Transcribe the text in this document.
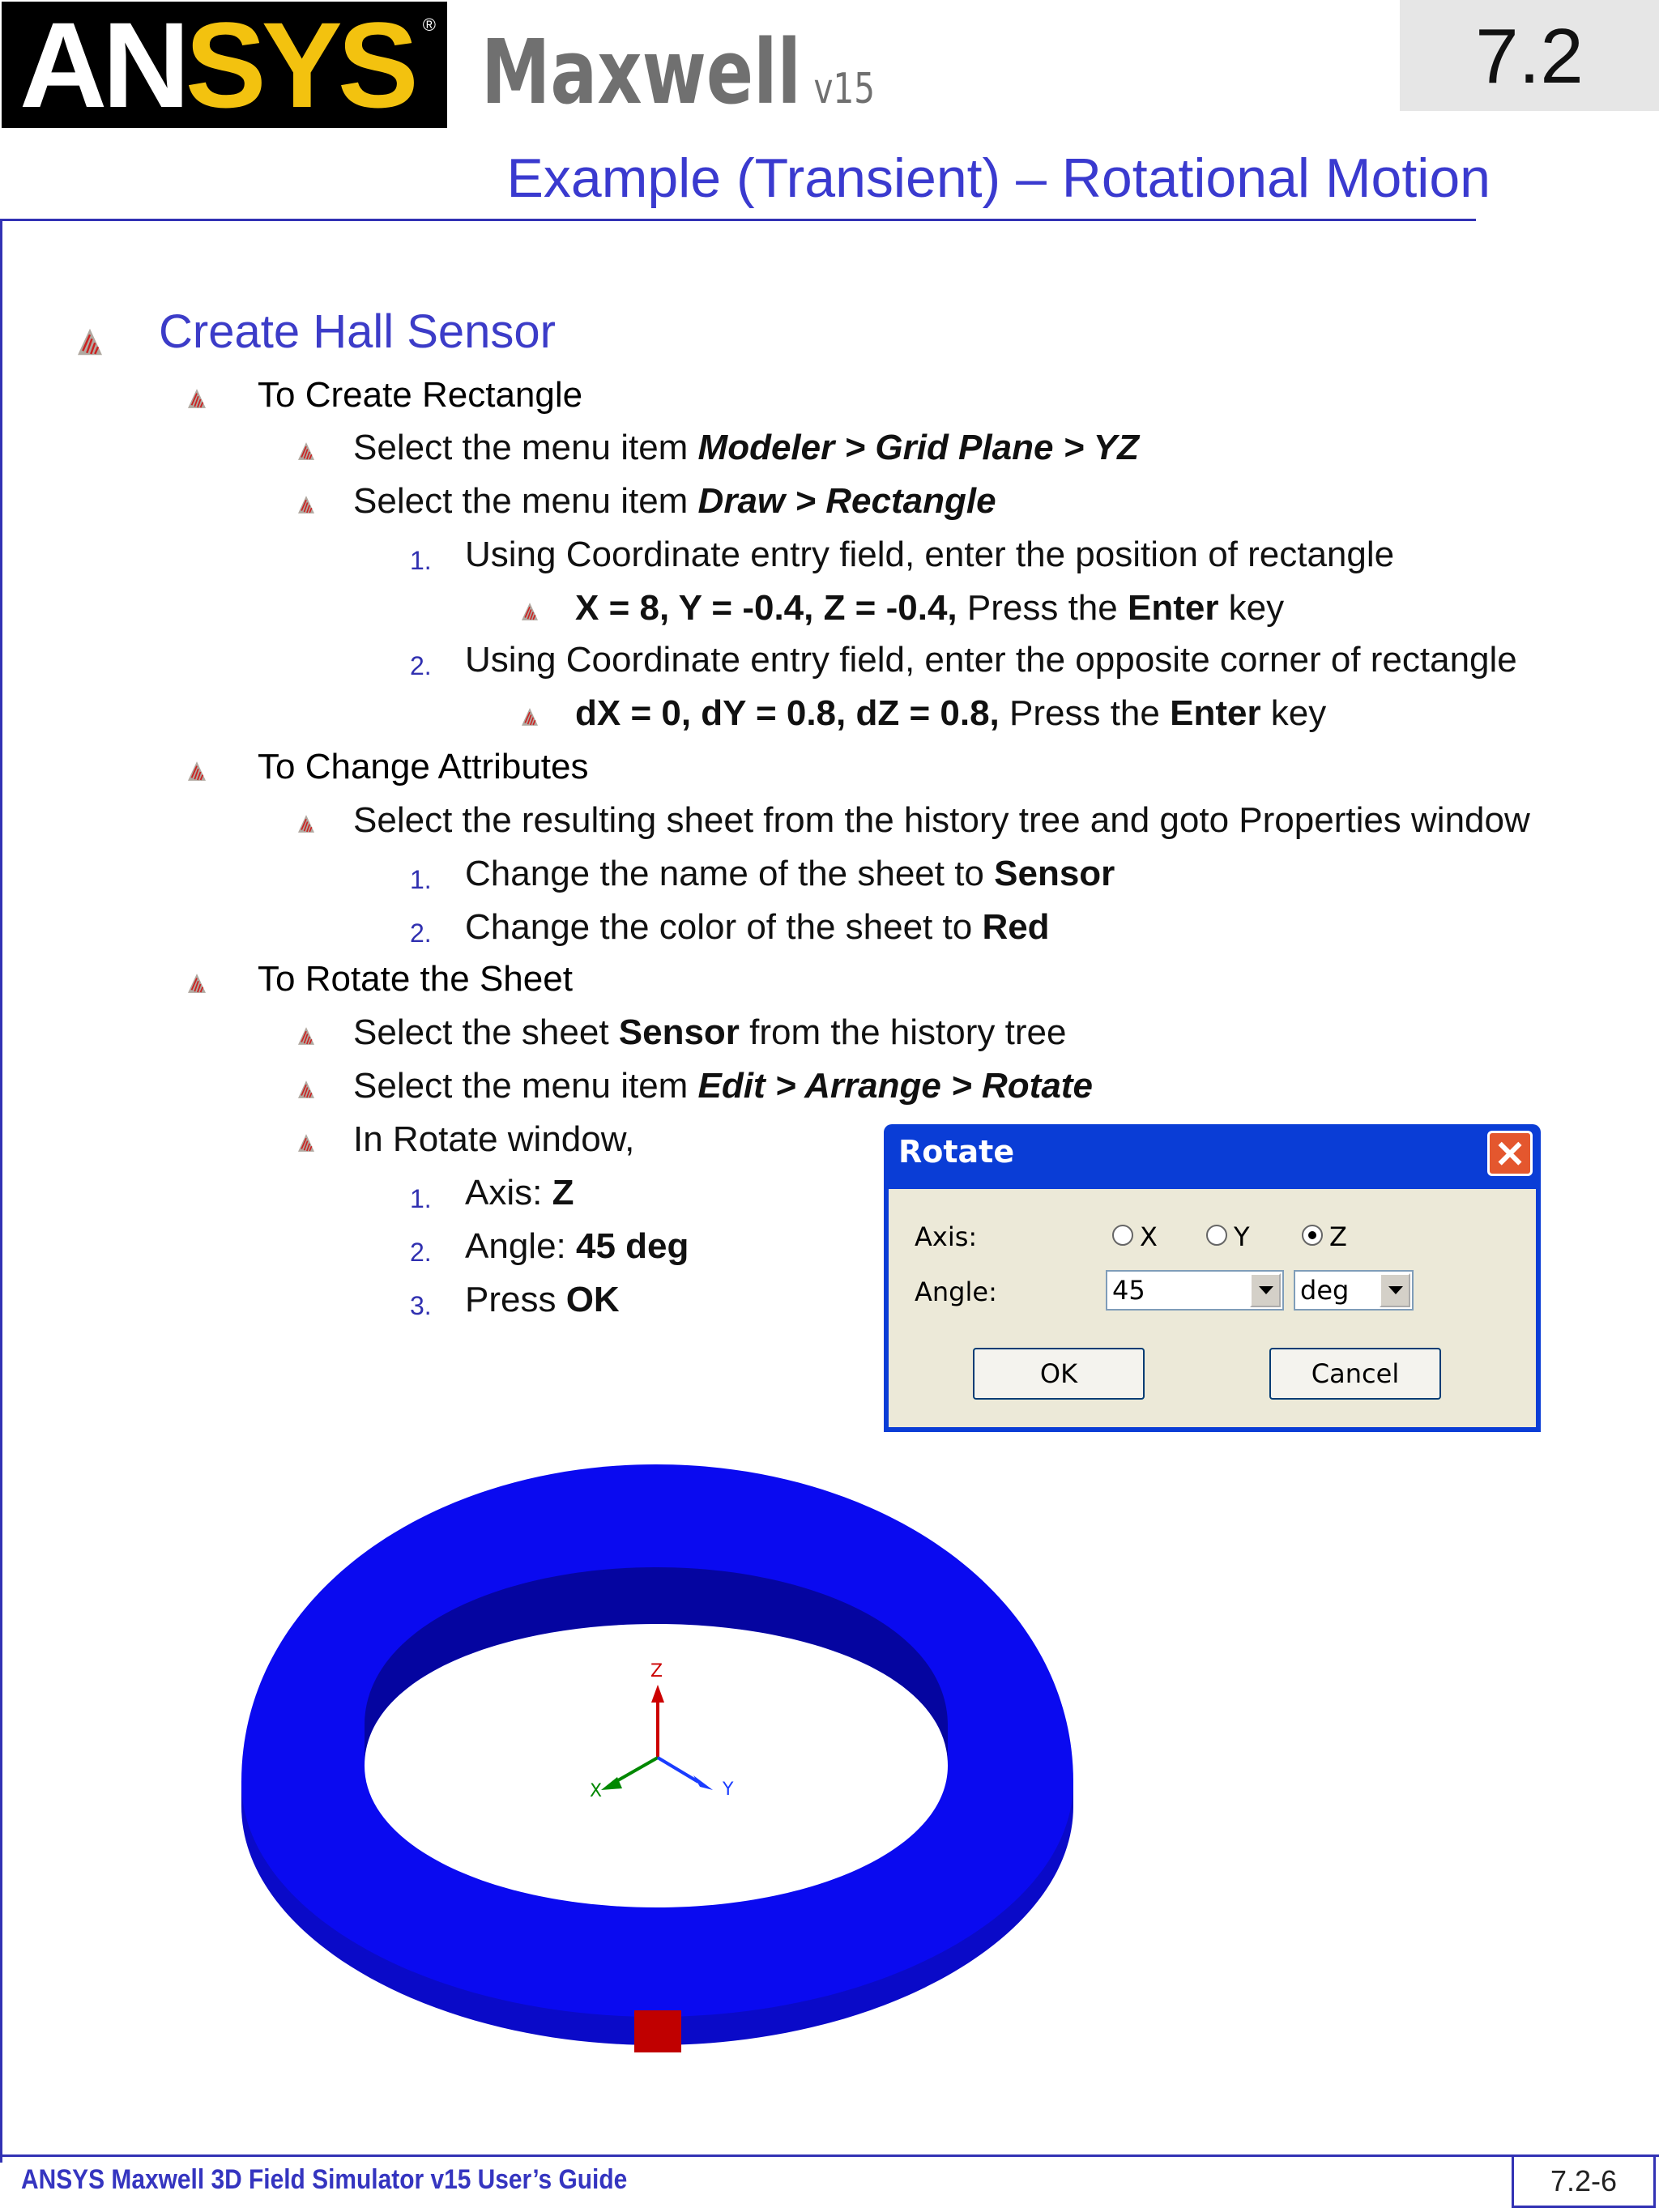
ANSYS ® Maxwell v15	7.2
Example (Transient) – Rotational Motion
Create Hall Sensor
To Create Rectangle
Select the menu item Modeler > Grid Plane > YZ
Select the menu item Draw > Rectangle
1. Using Coordinate entry field, enter the position of rectangle
X = 8, Y = -0.4, Z = -0.4, Press the Enter key
2. Using Coordinate entry field, enter the opposite corner of rectangle
dX = 0, dY = 0.8, dZ = 0.8, Press the Enter key
To Change Attributes
Select the resulting sheet from the history tree and goto Properties window
1. Change the name of the sheet to Sensor
2. Change the color of the sheet to Red
To Rotate the Sheet
Select the sheet Sensor from the history tree
Select the menu item Edit > Arrange > Rotate
In Rotate window,
1. Axis: Z
2. Angle: 45 deg
3. Press OK
Rotate	✕
Axis:	X	Y	Z
Angle:	45	deg
OK	Cancel
Z
X	Y
ANSYS Maxwell 3D Field Simulator v15 User’s Guide	7.2-6
